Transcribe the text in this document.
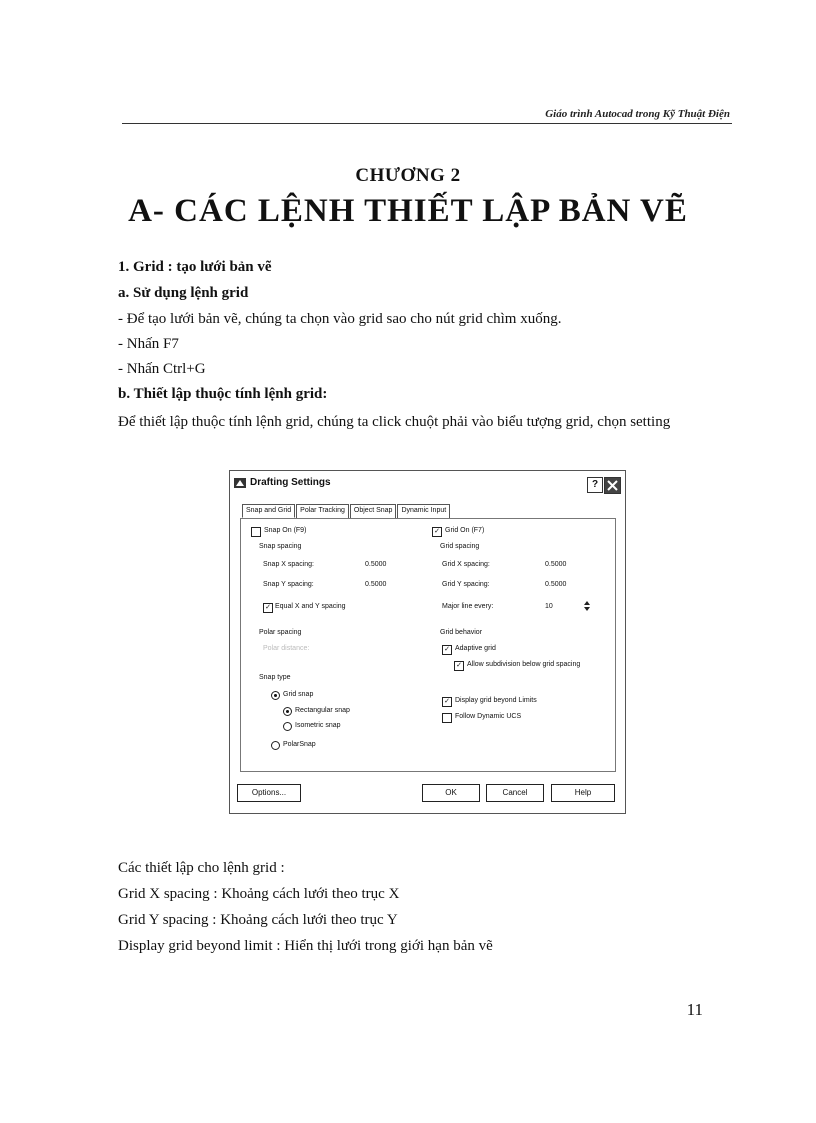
Giáo trình Autocad trong Kỹ Thuật Điện
CHƯƠNG 2
A- CÁC LỆNH THIẾT LẬP BẢN VẼ
1. Grid : tạo lưới bản vẽ
a. Sử dụng lệnh grid
- Để tạo lưới bản vẽ, chúng ta chọn vào grid sao cho nút grid chìm xuống.
- Nhấn F7
- Nhấn Ctrl+G
b. Thiết lập thuộc tính lệnh grid:
Để thiết lập thuộc tính lệnh grid, chúng ta click chuột phải vào biểu tượng grid, chọn setting
Drafting Settings	?
Snap and Grid	Polar Tracking	Object Snap	Dynamic Input
Snap On (F9)
Snap spacing
Snap X spacing:	0.5000
Snap Y spacing:	0.5000
✓ Equal X and Y spacing
Polar spacing
Polar distance:
Snap type
Grid snap
Rectangular snap
Isometric snap
PolarSnap
✓ Grid On (F7)
Grid spacing
Grid X spacing:	0.5000
Grid Y spacing:	0.5000
Major line every:	10
Grid behavior
✓ Adaptive grid
✓ Allow subdivision below grid spacing
✓ Display grid beyond Limits
Follow Dynamic UCS
Options...	OK	Cancel	Help
Các thiết lập cho lệnh grid :
Grid X spacing : Khoảng cách lưới theo trục X
Grid Y spacing : Khoảng cách lưới theo trục Y
Display grid beyond limit : Hiển thị lưới trong giới hạn bản vẽ
11
